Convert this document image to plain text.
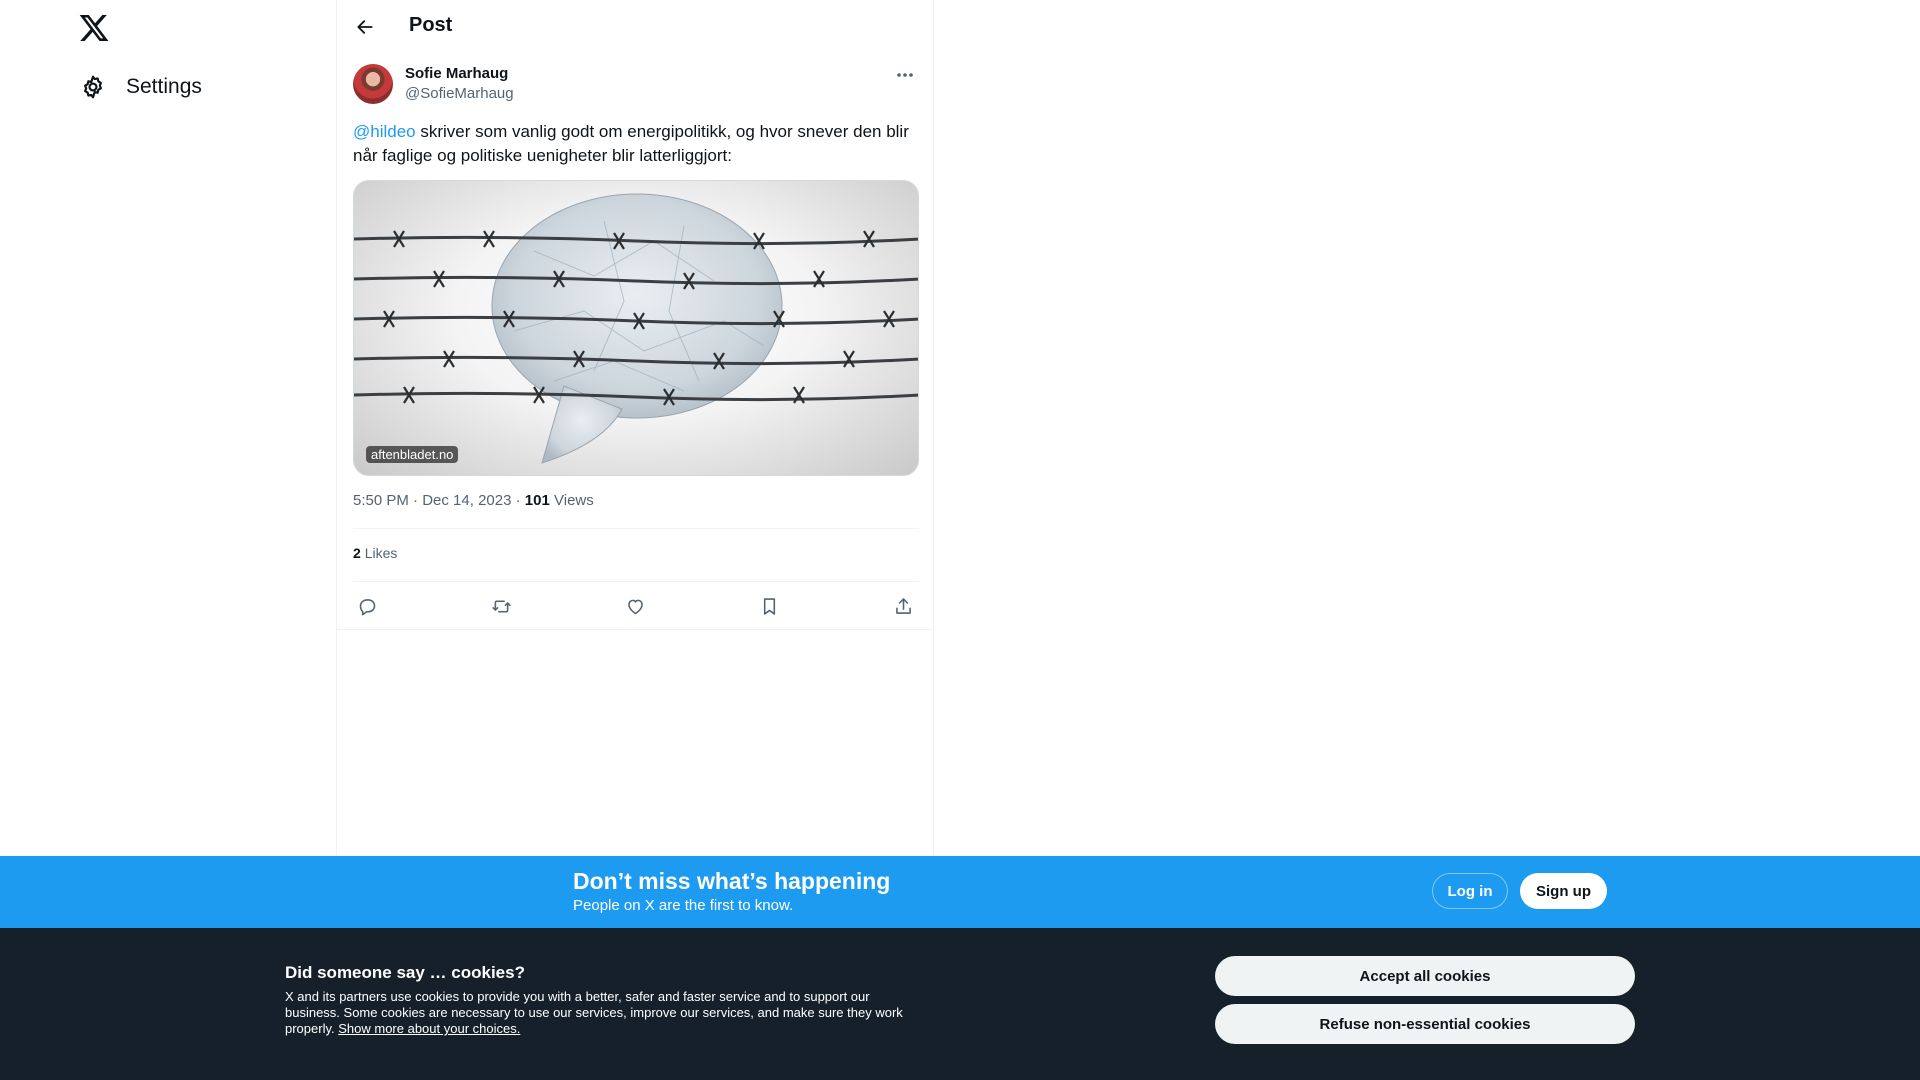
Settings
Post
Sofie Marhaug
@SofieMarhaug
@hildeo skriver som vanlig godt om energipolitikk, og hvor snever den blir når faglige og politiske uenigheter blir latterliggjort:
aftenbladet.no
5:50 PM · Dec 14, 2023 · 101 Views
2 Likes
Don’t miss what’s happening
People on X are the first to know.
Log in	Sign up
Did someone say … cookies?
X and its partners use cookies to provide you with a better, safer and faster service and to support our business. Some cookies are necessary to use our services, improve our services, and make sure they work properly. Show more about your choices.
Accept all cookies
Refuse non-essential cookies
